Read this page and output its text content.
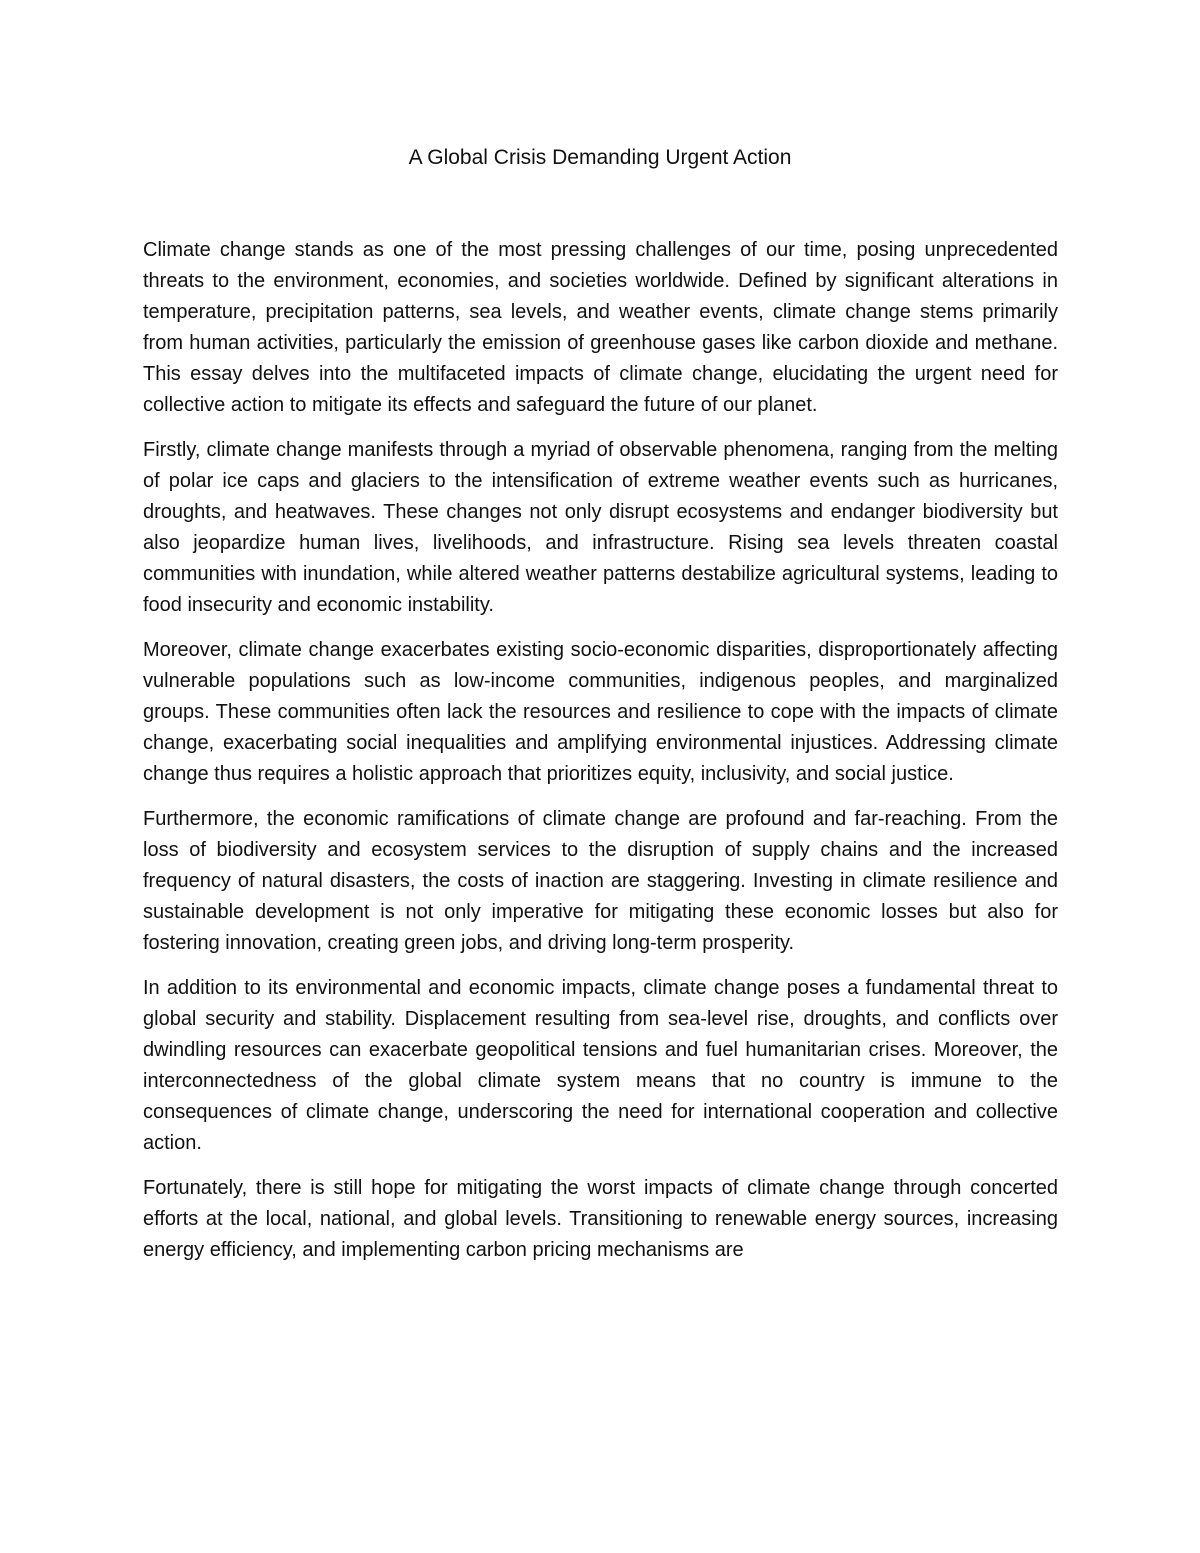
A Global Crisis Demanding Urgent Action

Climate change stands as one of the most pressing challenges of our time, posing unprecedented threats to the environment, economies, and societies worldwide. Defined by significant alterations in temperature, precipitation patterns, sea levels, and weather events, climate change stems primarily from human activities, particularly the emission of greenhouse gases like carbon dioxide and methane. This essay delves into the multifaceted impacts of climate change, elucidating the urgent need for collective action to mitigate its effects and safeguard the future of our planet.

Firstly, climate change manifests through a myriad of observable phenomena, ranging from the melting of polar ice caps and glaciers to the intensification of extreme weather events such as hurricanes, droughts, and heatwaves. These changes not only disrupt ecosystems and endanger biodiversity but also jeopardize human lives, livelihoods, and infrastructure. Rising sea levels threaten coastal communities with inundation, while altered weather patterns destabilize agricultural systems, leading to food insecurity and economic instability.

Moreover, climate change exacerbates existing socio-economic disparities, disproportionately affecting vulnerable populations such as low-income communities, indigenous peoples, and marginalized groups. These communities often lack the resources and resilience to cope with the impacts of climate change, exacerbating social inequalities and amplifying environmental injustices. Addressing climate change thus requires a holistic approach that prioritizes equity, inclusivity, and social justice.

Furthermore, the economic ramifications of climate change are profound and far-reaching. From the loss of biodiversity and ecosystem services to the disruption of supply chains and the increased frequency of natural disasters, the costs of inaction are staggering. Investing in climate resilience and sustainable development is not only imperative for mitigating these economic losses but also for fostering innovation, creating green jobs, and driving long-term prosperity.

In addition to its environmental and economic impacts, climate change poses a fundamental threat to global security and stability. Displacement resulting from sea-level rise, droughts, and conflicts over dwindling resources can exacerbate geopolitical tensions and fuel humanitarian crises. Moreover, the interconnectedness of the global climate system means that no country is immune to the consequences of climate change, underscoring the need for international cooperation and collective action.

Fortunately, there is still hope for mitigating the worst impacts of climate change through concerted efforts at the local, national, and global levels. Transitioning to renewable energy sources, increasing energy efficiency, and implementing carbon pricing mechanisms are
